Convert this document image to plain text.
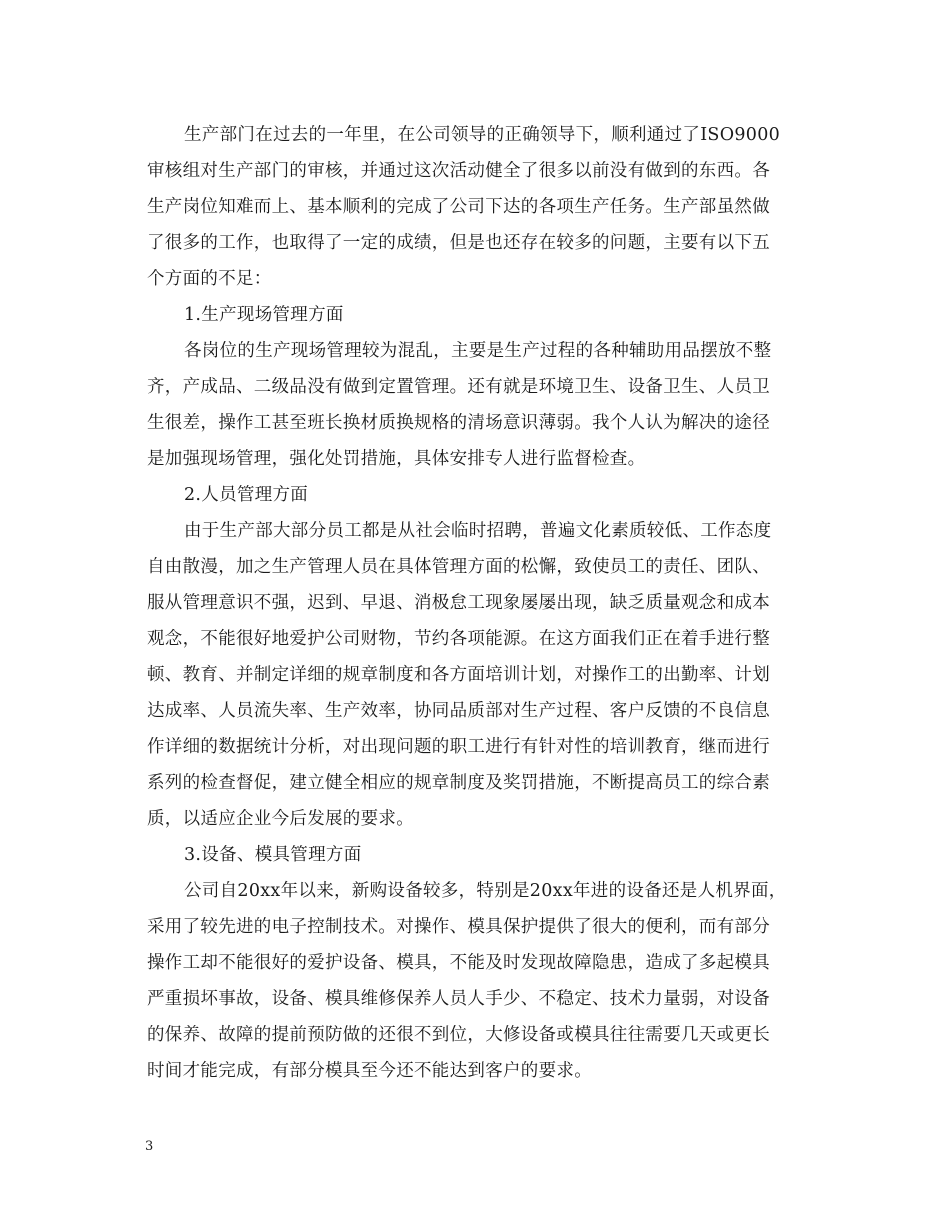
生产部门在过去的一年里，在公司领导的正确领导下，顺利通过了ISO9000
审核组对生产部门的审核，并通过这次活动健全了很多以前没有做到的东西。各
生产岗位知难而上、基本顺利的完成了公司下达的各项生产任务。生产部虽然做
了很多的工作，也取得了一定的成绩，但是也还存在较多的问题，主要有以下五
个方面的不足：
1.生产现场管理方面
各岗位的生产现场管理较为混乱，主要是生产过程的各种辅助用品摆放不整
齐，产成品、二级品没有做到定置管理。还有就是环境卫生、设备卫生、人员卫
生很差，操作工甚至班长换材质换规格的清场意识薄弱。我个人认为解决的途径
是加强现场管理，强化处罚措施，具体安排专人进行监督检查。
2.人员管理方面
由于生产部大部分员工都是从社会临时招聘，普遍文化素质较低、工作态度
自由散漫，加之生产管理人员在具体管理方面的松懈，致使员工的责任、团队、
服从管理意识不强，迟到、早退、消极怠工现象屡屡出现，缺乏质量观念和成本
观念，不能很好地爱护公司财物，节约各项能源。在这方面我们正在着手进行整
顿、教育、并制定详细的规章制度和各方面培训计划，对操作工的出勤率、计划
达成率、人员流失率、生产效率，协同品质部对生产过程、客户反馈的不良信息
作详细的数据统计分析，对出现问题的职工进行有针对性的培训教育，继而进行
系列的检查督促，建立健全相应的规章制度及奖罚措施，不断提高员工的综合素
质，以适应企业今后发展的要求。
3.设备、模具管理方面
公司自20xx年以来，新购设备较多，特别是20xx年进的设备还是人机界面，
采用了较先进的电子控制技术。对操作、模具保护提供了很大的便利，而有部分
操作工却不能很好的爱护设备、模具，不能及时发现故障隐患，造成了多起模具
严重损坏事故，设备、模具维修保养人员人手少、不稳定、技术力量弱，对设备
的保养、故障的提前预防做的还很不到位，大修设备或模具往往需要几天或更长
时间才能完成，有部分模具至今还不能达到客户的要求。
3
